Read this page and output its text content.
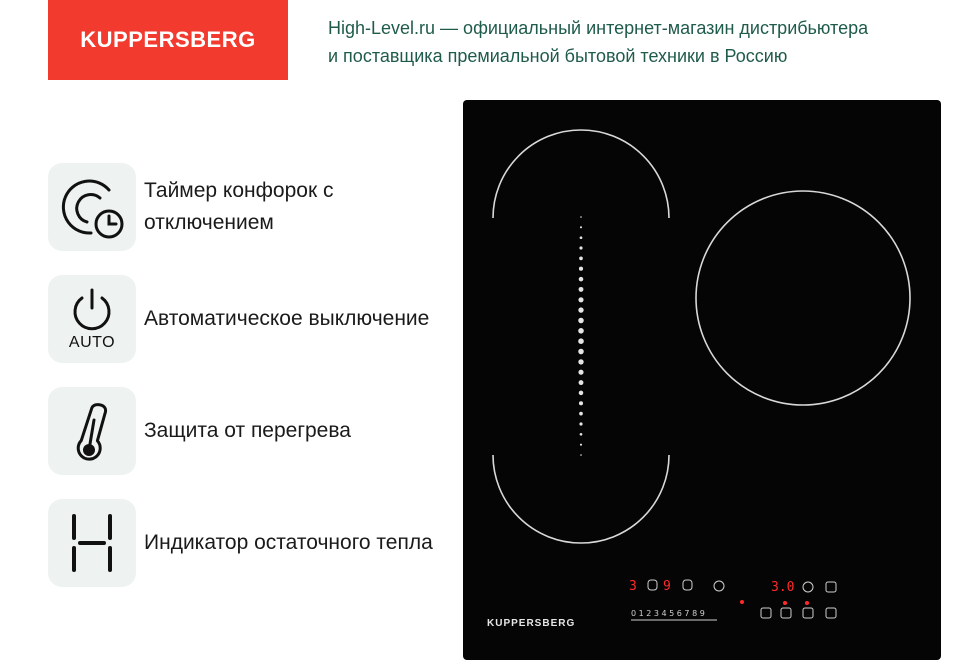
KUPPERSBERG	High-Level.ru — официальный интернет-магазин дистрибьютера
и поставщика премиальной бытовой техники в Россию
Таймер конфорок с отключением
AUTO
Автоматическое выключение
Защита от перегрева
Индикатор остаточного тепла
3 9	3.0
0 1 2 3 4 5 6 7 8 9
KUPPERSBERG
